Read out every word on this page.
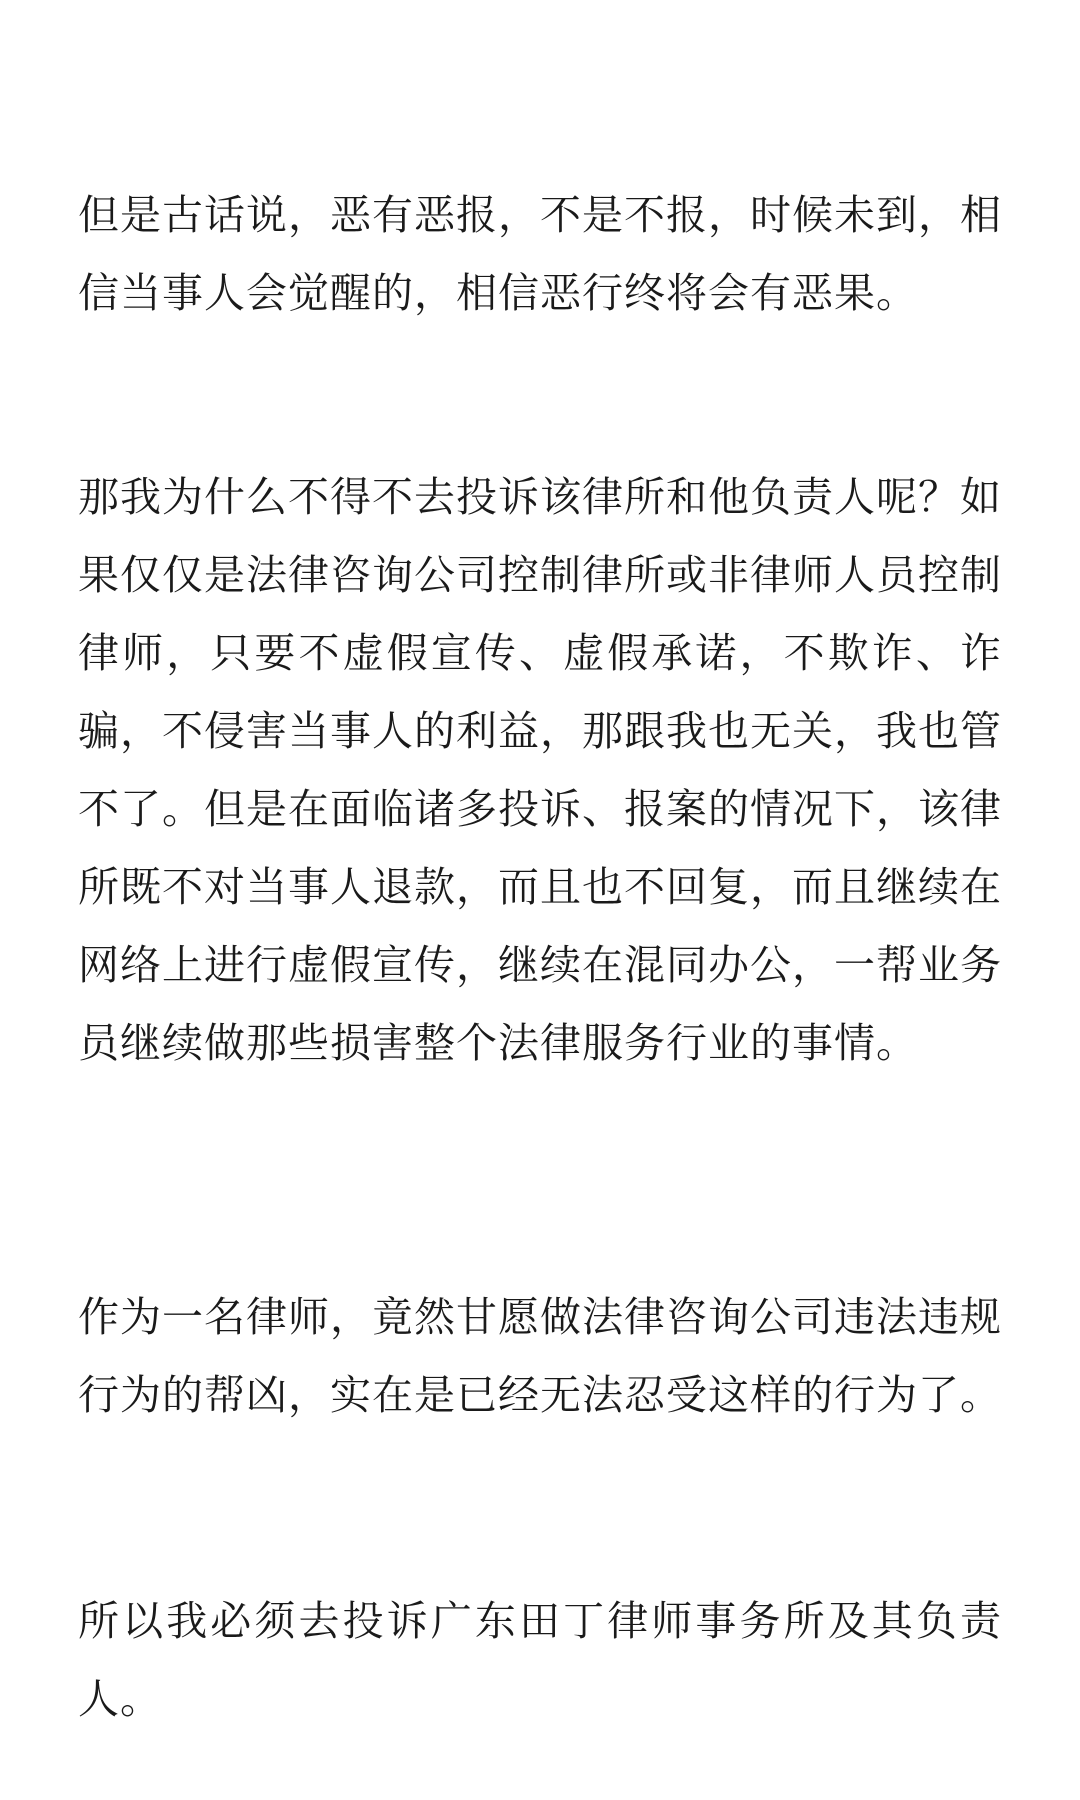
但是古话说，恶有恶报，不是不报，时候未到，相信当事人会觉醒的，相信恶行终将会有恶果。

那我为什么不得不去投诉该律所和他负责人呢？如果仅仅是法律咨询公司控制律所或非律师人员控制律师，只要不虚假宣传、虚假承诺，不欺诈、诈骗，不侵害当事人的利益，那跟我也无关，我也管不了。但是在面临诸多投诉、报案的情况下，该律所既不对当事人退款，而且也不回复，而且继续在网络上进行虚假宣传，继续在混同办公，一帮业务员继续做那些损害整个法律服务行业的事情。

作为一名律师，竟然甘愿做法律咨询公司违法违规行为的帮凶，实在是已经无法忍受这样的行为了。

所以我必须去投诉广东田丁律师事务所及其负责人。
